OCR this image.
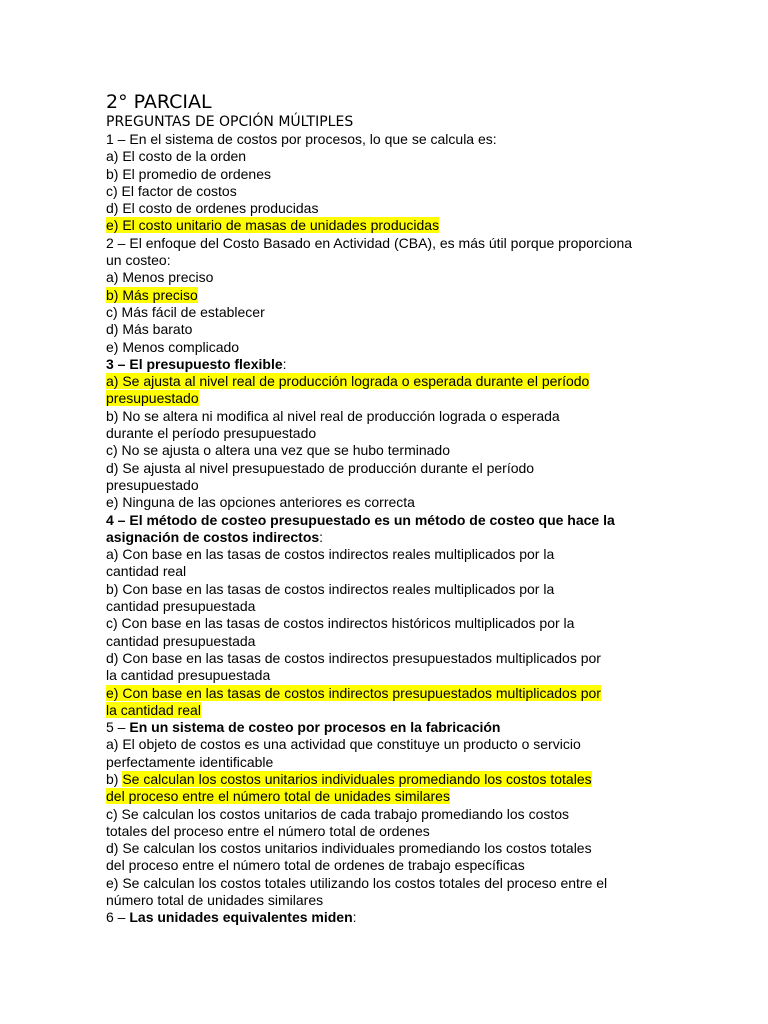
2° PARCIAL
PREGUNTAS DE OPCIÓN MÚLTIPLES
1 – En el sistema de costos por procesos, lo que se calcula es:
a) El costo de la orden
b) El promedio de ordenes
c) El factor de costos
d) El costo de ordenes producidas
e) El costo unitario de masas de unidades producidas
2 – El enfoque del Costo Basado en Actividad (CBA), es más útil porque proporciona
un costeo:
a) Menos preciso
b) Más preciso
c) Más fácil de establecer
d) Más barato
e) Menos complicado
3 – El presupuesto flexible:
a) Se ajusta al nivel real de producción lograda o esperada durante el período
presupuestado
b) No se altera ni modifica al nivel real de producción lograda o esperada
durante el período presupuestado
c) No se ajusta o altera una vez que se hubo terminado
d) Se ajusta al nivel presupuestado de producción durante el período
presupuestado
e) Ninguna de las opciones anteriores es correcta
4 – El método de costeo presupuestado es un método de costeo que hace la
asignación de costos indirectos:
a) Con base en las tasas de costos indirectos reales multiplicados por la
cantidad real
b) Con base en las tasas de costos indirectos reales multiplicados por la
cantidad presupuestada
c) Con base en las tasas de costos indirectos históricos multiplicados por la
cantidad presupuestada
d) Con base en las tasas de costos indirectos presupuestados multiplicados por
la cantidad presupuestada
e) Con base en las tasas de costos indirectos presupuestados multiplicados por
la cantidad real
5 – En un sistema de costeo por procesos en la fabricación
a) El objeto de costos es una actividad que constituye un producto o servicio
perfectamente identificable
b) Se calculan los costos unitarios individuales promediando los costos totales
del proceso entre el número total de unidades similares
c) Se calculan los costos unitarios de cada trabajo promediando los costos
totales del proceso entre el número total de ordenes
d) Se calculan los costos unitarios individuales promediando los costos totales
del proceso entre el número total de ordenes de trabajo específicas
e) Se calculan los costos totales utilizando los costos totales del proceso entre el
número total de unidades similares
6 – Las unidades equivalentes miden:
